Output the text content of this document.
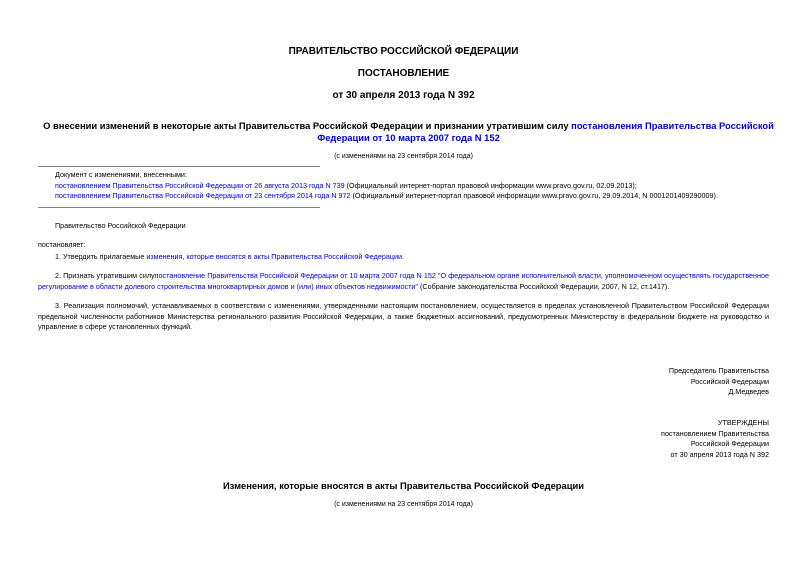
ПРАВИТЕЛЬСТВО РОССИЙСКОЙ ФЕДЕРАЦИИ
ПОСТАНОВЛЕНИЕ
от 30 апреля 2013 года N 392
О внесении изменений в некоторые акты Правительства Российской Федерации и признании утратившим силу постановления Правительства Российской Федерации от 10 марта 2007 года N 152
(с изменениями на 23 сентября 2014 года)
Документ с изменениями, внесенными:
постановлением Правительства Российской Федерации от 26 августа 2013 года N 739 (Официальный интернет-портал правовой информации www.pravo.gov.ru, 02.09.2013);
постановлением Правительства Российской Федерации от 23 сентября 2014 года N 972 (Официальный интернет-портал правовой информации www.pravo.gov.ru, 29.09.2014, N 0001201409290009).
Правительство Российской Федерации
постановляет:
1. Утвердить прилагаемые изменения, которые вносятся в акты Правительства Российской Федерации.
2. Признать утратившим силупостановление Правительства Российской Федерации от 10 марта 2007 года N 152 "О федеральном органе исполнительной власти, уполномоченном осуществлять государственное регулирование в области долевого строительства многоквартирных домов и (или) иных объектов недвижимости" (Собрание законодательства Российской Федерации, 2007, N 12, ст.1417).
3. Реализация полномочий, устанавливаемых в соответствии с изменениями, утвержденными настоящим постановлением, осуществляется в пределах установленной Правительством Российской Федерации предельной численности работников Министерства регионального развития Российской Федерации, а также бюджетных ассигнований, предусмотренных Министерству в федеральном бюджете на руководство и управление в сфере установленных функций.
Председатель Правительства
Российской Федерации
Д.Медведев
УТВЕРЖДЕНЫ
постановлением Правительства
Российской Федерации
от 30 апреля 2013 года N 392
Изменения, которые вносятся в акты Правительства Российской Федерации
(с изменениями на 23 сентября 2014 года)
